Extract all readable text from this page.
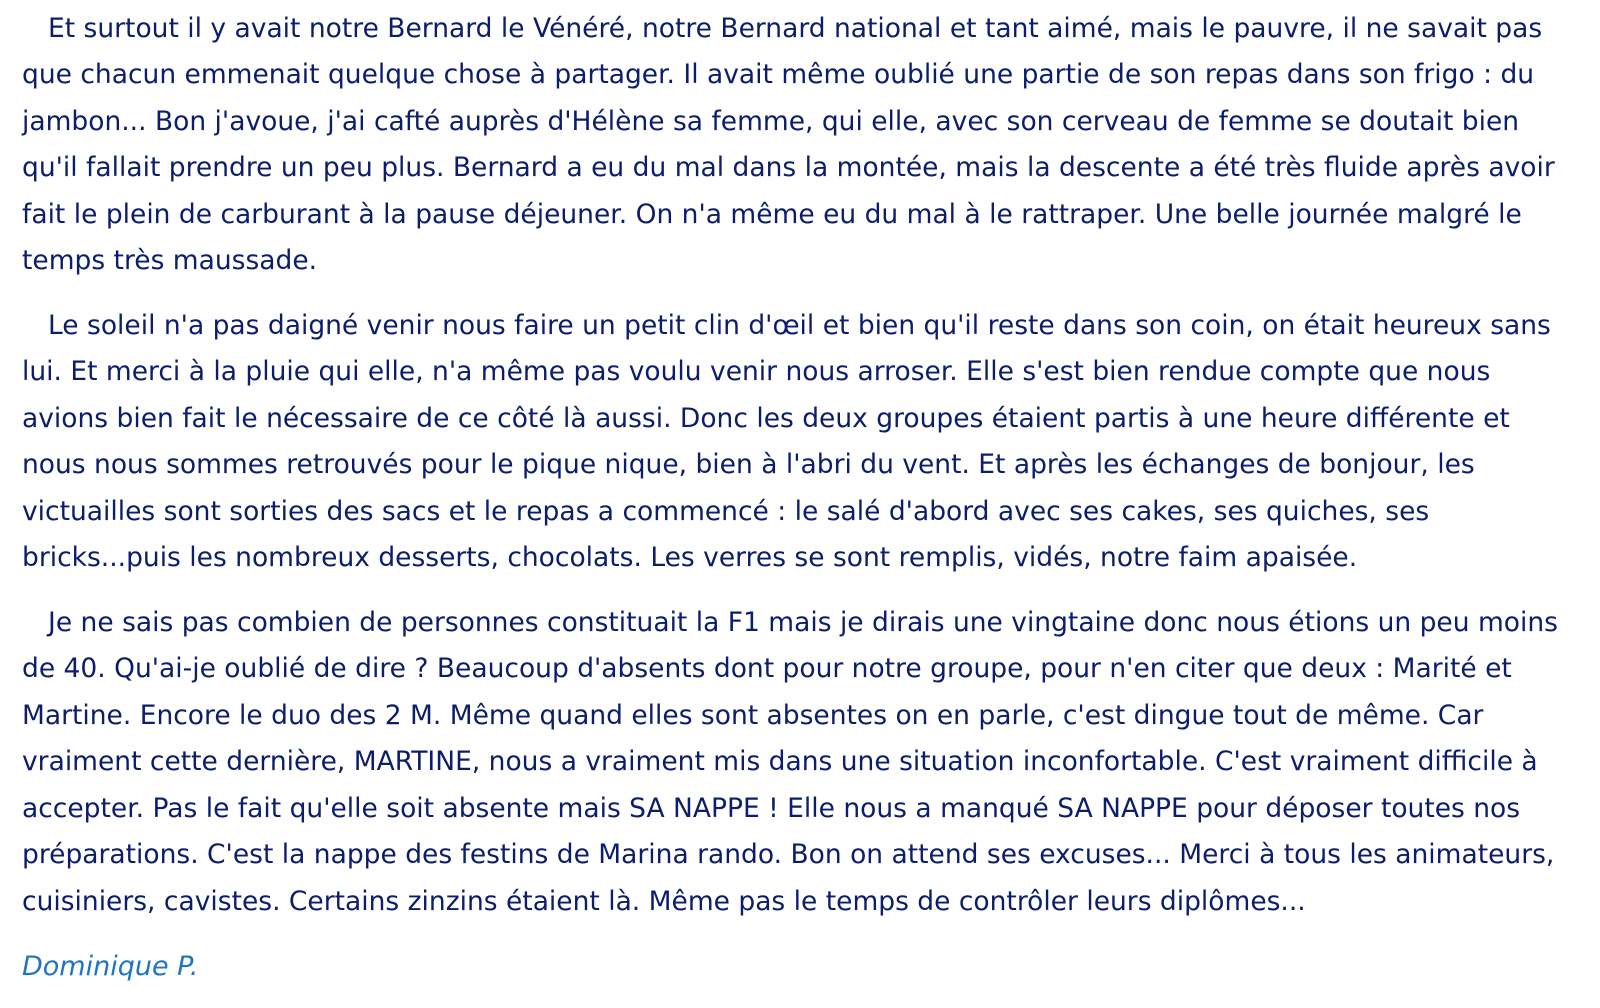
Et surtout il y avait notre Bernard le Vénéré, notre Bernard national et tant aimé, mais le pauvre, il ne savait pas que chacun emmenait quelque chose à partager. Il avait même oublié une partie de son repas dans son frigo : du jambon... Bon j'avoue, j'ai cafté auprès d'Hélène sa femme, qui elle, avec son cerveau de femme se doutait bien qu'il fallait prendre un peu plus. Bernard a eu du mal dans la montée, mais la descente a été très fluide après avoir fait le plein de carburant à la pause déjeuner. On n'a même eu du mal à le rattraper. Une belle journée malgré le temps très maussade.

Le soleil n'a pas daigné venir nous faire un petit clin d'œil et bien qu'il reste dans son coin, on était heureux sans lui. Et merci à la pluie qui elle, n'a même pas voulu venir nous arroser. Elle s'est bien rendue compte que nous avions bien fait le nécessaire de ce côté là aussi. Donc les deux groupes étaient partis à une heure différente et nous nous sommes retrouvés pour le pique nique, bien à l'abri du vent. Et après les échanges de bonjour, les victuailles sont sorties des sacs et le repas a commencé : le salé d'abord avec ses cakes, ses quiches, ses bricks...puis les nombreux desserts, chocolats. Les verres se sont remplis, vidés, notre faim apaisée.

Je ne sais pas combien de personnes constituait la F1 mais je dirais une vingtaine donc nous étions un peu moins de 40. Qu'ai-je oublié de dire ? Beaucoup d'absents dont pour notre groupe, pour n'en citer que deux : Marité et Martine. Encore le duo des 2 M. Même quand elles sont absentes on en parle, c'est dingue tout de même. Car vraiment cette dernière, MARTINE, nous a vraiment mis dans une situation inconfortable. C'est vraiment difficile à accepter. Pas le fait qu'elle soit absente mais SA NAPPE ! Elle nous a manqué SA NAPPE pour déposer toutes nos préparations. C'est la nappe des festins de Marina rando. Bon on attend ses excuses... Merci à tous les animateurs, cuisiniers, cavistes. Certains zinzins étaient là. Même pas le temps de contrôler leurs diplômes...

Dominique P.
